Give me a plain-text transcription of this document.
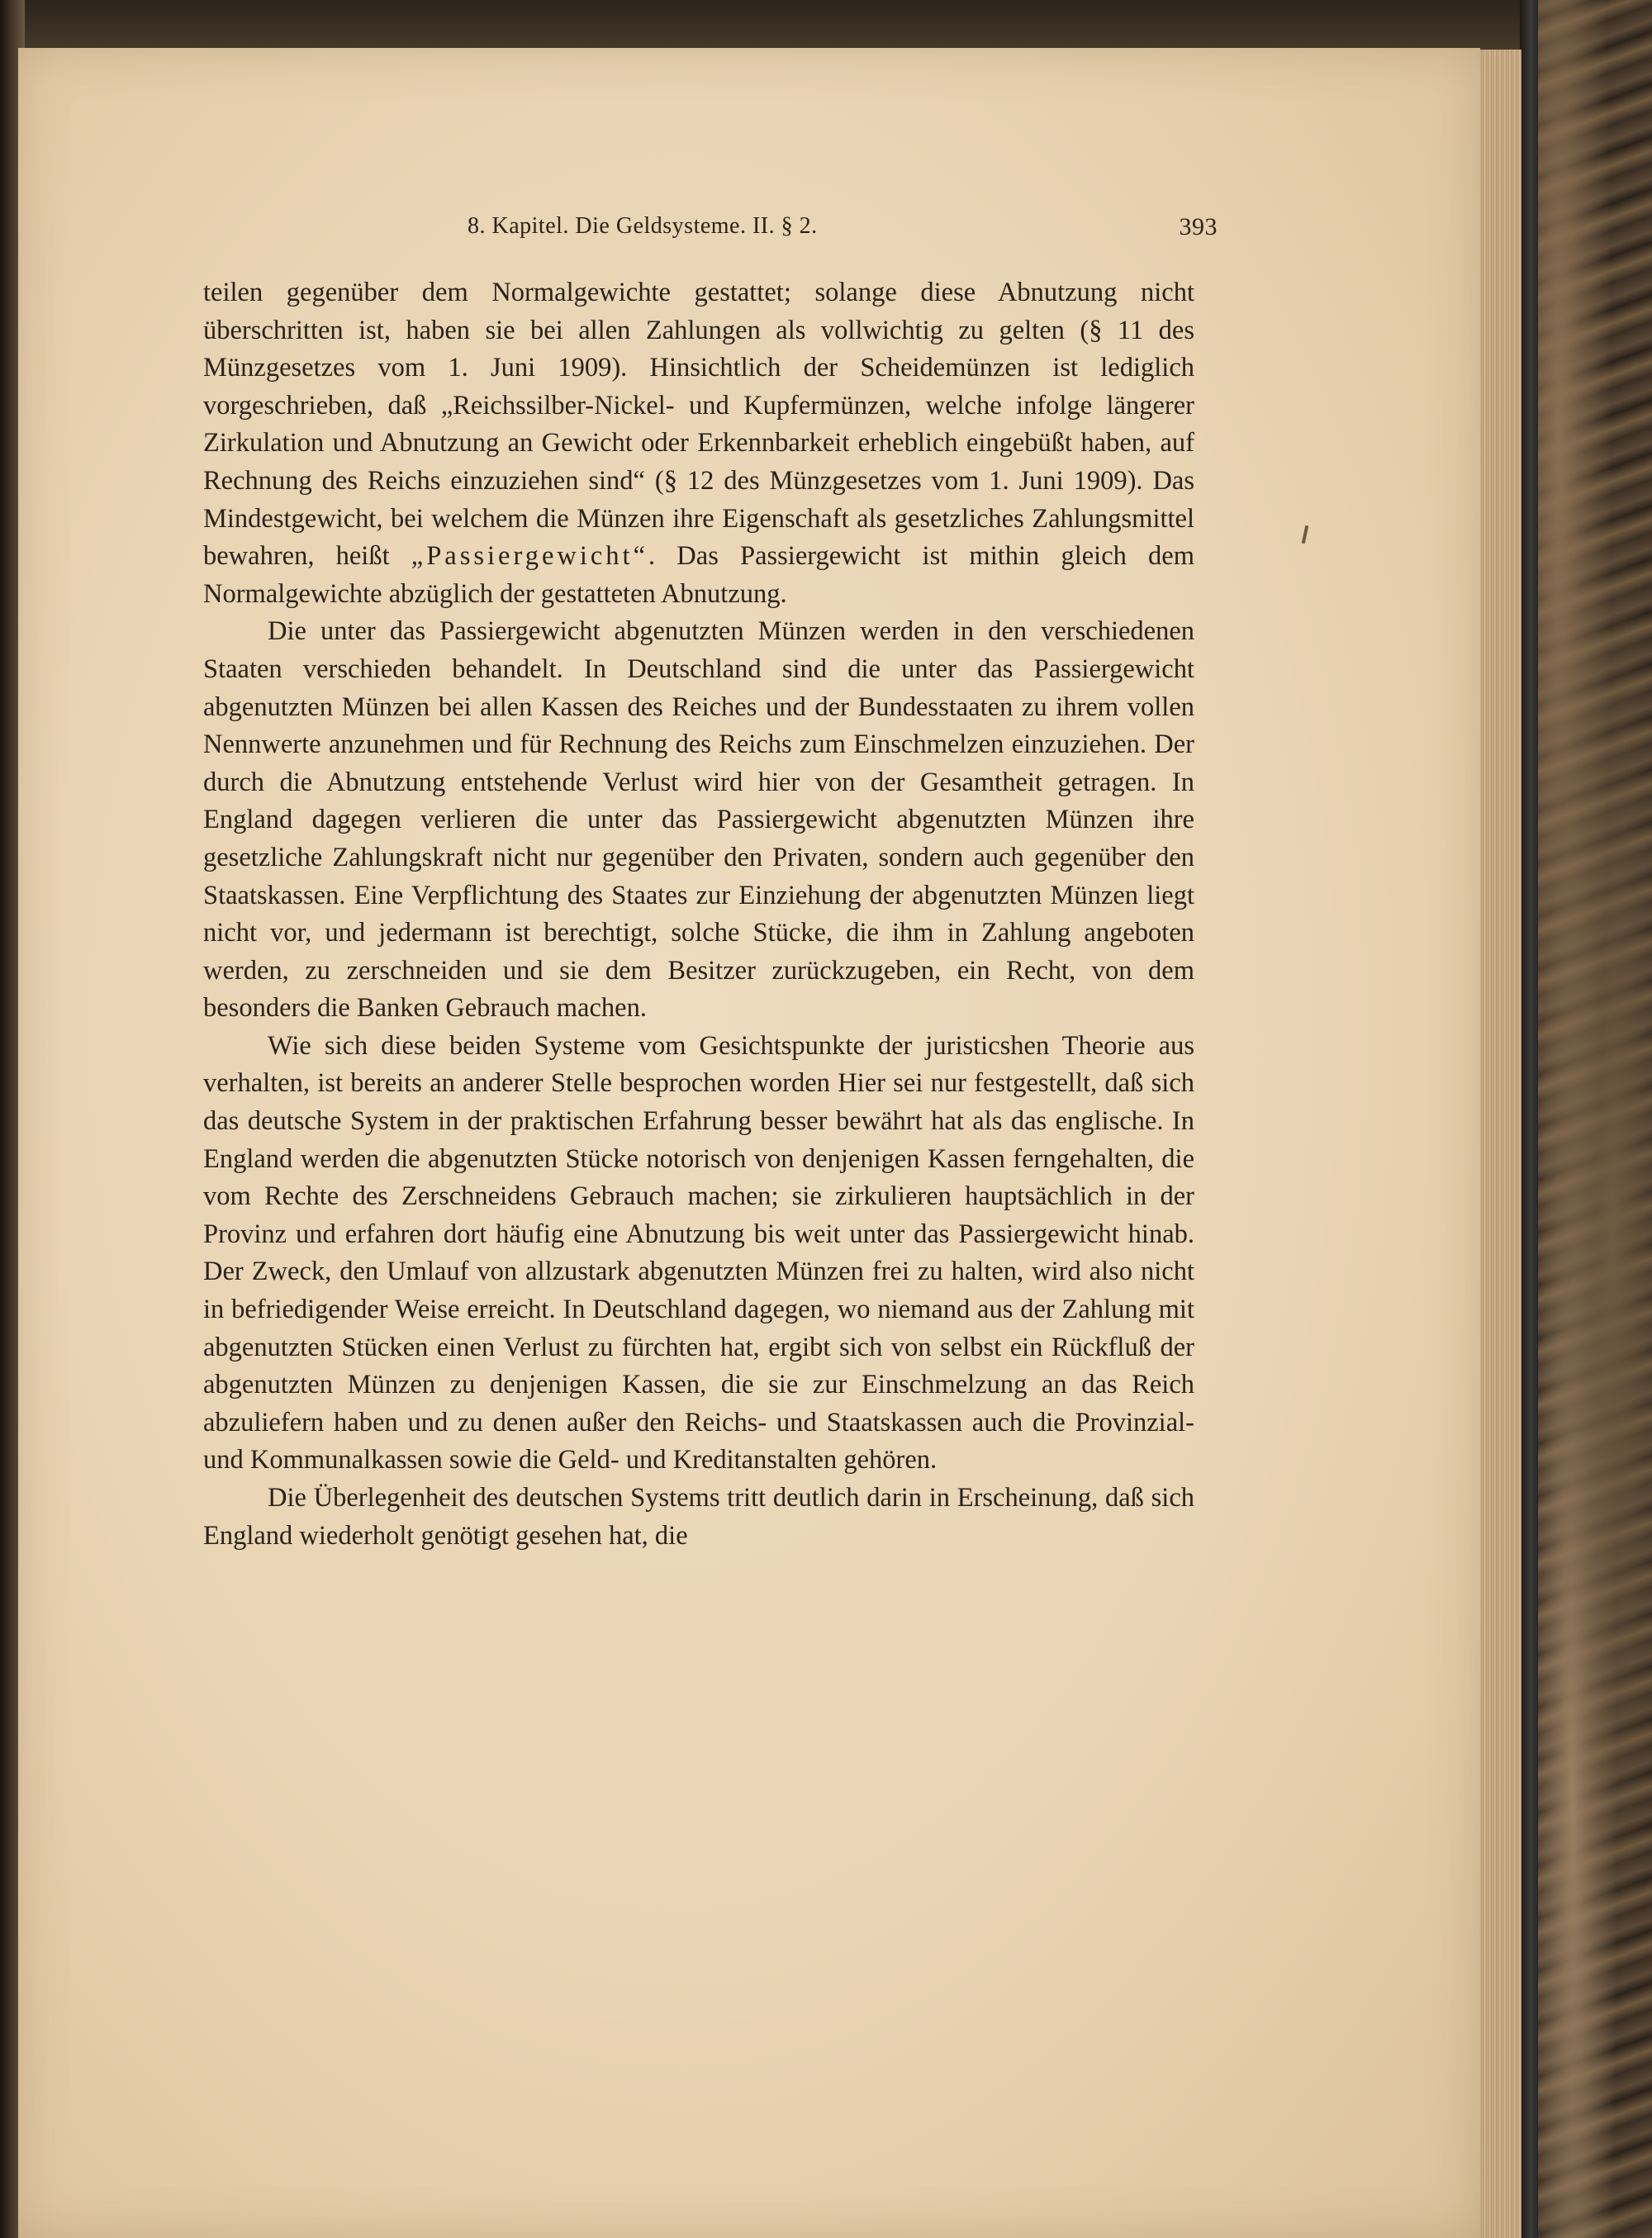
8. Kapitel. Die Geldsysteme. II. § 2.	393

teilen gegenüber dem Normalgewichte gestattet; solange diese Abnutzung nicht überschritten ist, haben sie bei allen Zahlungen als vollwichtig zu gelten (§ 11 des Münzgesetzes vom 1. Juni 1909). Hinsichtlich der Scheidemünzen ist lediglich vorgeschrieben, daß „Reichssilber-Nickel- und Kupfermünzen, welche infolge längerer Zirkulation und Abnutzung an Gewicht oder Erkennbarkeit erheblich eingebüßt haben, auf Rechnung des Reichs einzuziehen sind“ (§ 12 des Münzgesetzes vom 1. Juni 1909). Das Mindestgewicht, bei welchem die Münzen ihre Eigenschaft als gesetzliches Zahlungsmittel bewahren, heißt „Passiergewicht“. Das Passiergewicht ist mithin gleich dem Normalgewichte abzüglich der gestatteten Abnutzung.

Die unter das Passiergewicht abgenutzten Münzen werden in den verschiedenen Staaten verschieden behandelt. In Deutschland sind die unter das Passiergewicht abgenutzten Münzen bei allen Kassen des Reiches und der Bundesstaaten zu ihrem vollen Nennwerte anzunehmen und für Rechnung des Reichs zum Einschmelzen einzuziehen. Der durch die Abnutzung entstehende Verlust wird hier von der Gesamtheit getragen. In England dagegen verlieren die unter das Passiergewicht abgenutzten Münzen ihre gesetzliche Zahlungskraft nicht nur gegenüber den Privaten, sondern auch gegenüber den Staatskassen. Eine Verpflichtung des Staates zur Einziehung der abgenutzten Münzen liegt nicht vor, und jedermann ist berechtigt, solche Stücke, die ihm in Zahlung angeboten werden, zu zerschneiden und sie dem Besitzer zurückzugeben, ein Recht, von dem besonders die Banken Gebrauch machen.

Wie sich diese beiden Systeme vom Gesichtspunkte der juristicshen Theorie aus verhalten, ist bereits an anderer Stelle besprochen worden Hier sei nur festgestellt, daß sich das deutsche System in der praktischen Erfahrung besser bewährt hat als das englische. In England werden die abgenutzten Stücke notorisch von denjenigen Kassen ferngehalten, die vom Rechte des Zerschneidens Gebrauch machen; sie zirkulieren hauptsächlich in der Provinz und erfahren dort häufig eine Abnutzung bis weit unter das Passiergewicht hinab. Der Zweck, den Umlauf von allzustark abgenutzten Münzen frei zu halten, wird also nicht in befriedigender Weise erreicht. In Deutschland dagegen, wo niemand aus der Zahlung mit abgenutzten Stücken einen Verlust zu fürchten hat, ergibt sich von selbst ein Rückfluß der abgenutzten Münzen zu denjenigen Kassen, die sie zur Einschmelzung an das Reich abzuliefern haben und zu denen außer den Reichs- und Staatskassen auch die Provinzial- und Kommunalkassen sowie die Geld- und Kreditanstalten gehören.

Die Überlegenheit des deutschen Systems tritt deutlich darin in Erscheinung, daß sich England wiederholt genötigt gesehen hat, die
